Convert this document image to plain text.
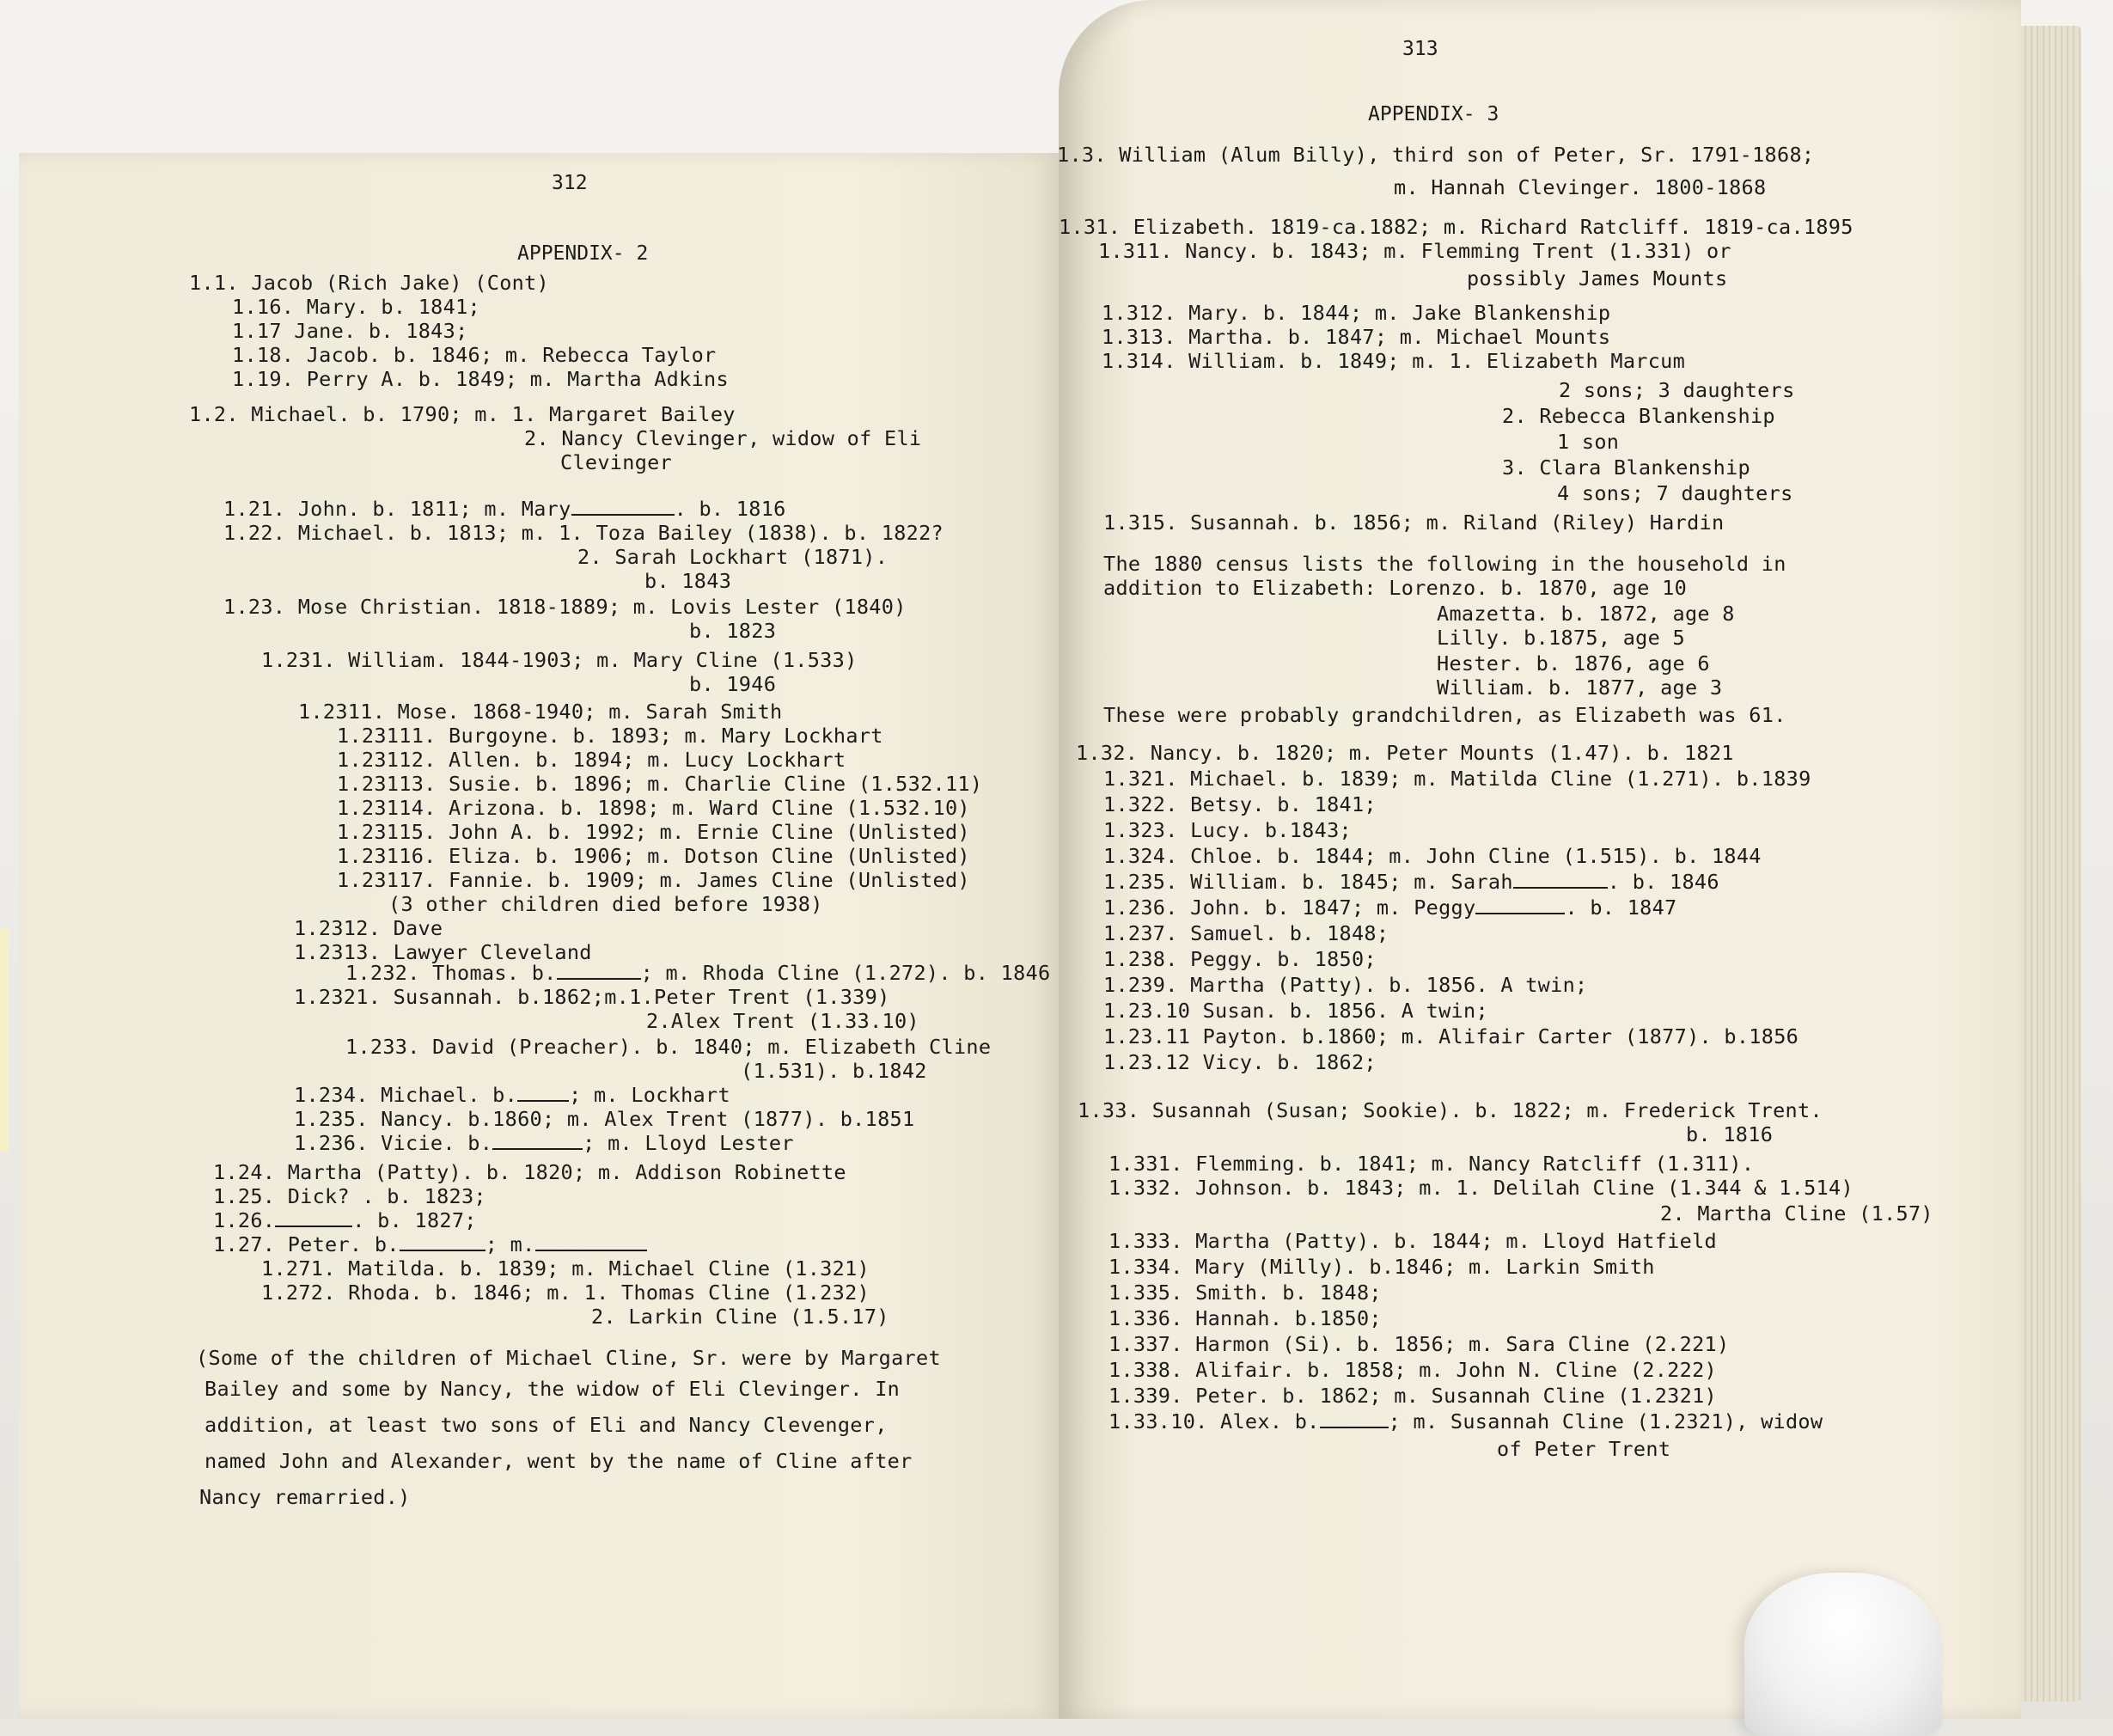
312
APPENDIX- 2
1.1. Jacob (Rich Jake) (Cont)
1.16. Mary. b. 1841;
1.17 Jane. b. 1843;
1.18. Jacob. b. 1846; m. Rebecca Taylor
1.19. Perry A. b. 1849; m. Martha Adkins
1.2. Michael. b. 1790; m. 1. Margaret Bailey
2. Nancy Clevinger, widow of Eli
Clevinger
1.21. John. b. 1811; m. Mary	. b. 1816
1.22. Michael. b. 1813; m. 1. Toza Bailey (1838). b. 1822?
2. Sarah Lockhart (1871).
b. 1843
1.23. Mose Christian. 1818-1889; m. Lovis Lester (1840)
b. 1823
1.231. William. 1844-1903; m. Mary Cline (1.533)
b. 1946
1.2311. Mose. 1868-1940; m. Sarah Smith
1.23111. Burgoyne. b. 1893; m. Mary Lockhart
1.23112. Allen. b. 1894; m. Lucy Lockhart
1.23113. Susie. b. 1896; m. Charlie Cline (1.532.11)
1.23114. Arizona. b. 1898; m. Ward Cline (1.532.10)
1.23115. John A. b. 1992; m. Ernie Cline (Unlisted)
1.23116. Eliza. b. 1906; m. Dotson Cline (Unlisted)
1.23117. Fannie. b. 1909; m. James Cline (Unlisted)
(3 other children died before 1938)
1.2312. Dave
1.2313. Lawyer Cleveland
1.232. Thomas. b.	; m. Rhoda Cline (1.272). b. 1846
1.2321. Susannah. b.1862;m.1.Peter Trent (1.339)
2.Alex Trent (1.33.10)
1.233. David (Preacher). b. 1840; m. Elizabeth Cline
(1.531). b.1842
1.234. Michael. b.	; m. Lockhart
1.235. Nancy. b.1860; m. Alex Trent (1877). b.1851
1.236. Vicie. b.	; m. Lloyd Lester
1.24. Martha (Patty). b. 1820; m. Addison Robinette
1.25. Dick? . b. 1823;
1.26.	. b. 1827;
1.27. Peter. b.	; m.
1.271. Matilda. b. 1839; m. Michael Cline (1.321)
1.272. Rhoda. b. 1846; m. 1. Thomas Cline (1.232)
2. Larkin Cline (1.5.17)
(Some of the children of Michael Cline, Sr. were by Margaret
Bailey and some by Nancy, the widow of Eli Clevinger. In
addition, at least two sons of Eli and Nancy Clevenger,
named John and Alexander, went by the name of Cline after
Nancy remarried.)
313
APPENDIX- 3
1.3. William (Alum Billy), third son of Peter, Sr. 1791-1868;
m. Hannah Clevinger. 1800-1868
1.31. Elizabeth. 1819-ca.1882; m. Richard Ratcliff. 1819-ca.1895
1.311. Nancy. b. 1843; m. Flemming Trent (1.331) or
possibly James Mounts
1.312. Mary. b. 1844; m. Jake Blankenship
1.313. Martha. b. 1847; m. Michael Mounts
1.314. William. b. 1849; m. 1. Elizabeth Marcum
2 sons; 3 daughters
2. Rebecca Blankenship
1 son
3. Clara Blankenship
4 sons; 7 daughters
1.315. Susannah. b. 1856; m. Riland (Riley) Hardin
The 1880 census lists the following in the household in
addition to Elizabeth: Lorenzo. b. 1870, age 10
Amazetta. b. 1872, age 8
Lilly. b.1875, age 5
Hester. b. 1876, age 6
William. b. 1877, age 3
These were probably grandchildren, as Elizabeth was 61.
1.32. Nancy. b. 1820; m. Peter Mounts (1.47). b. 1821
1.321. Michael. b. 1839; m. Matilda Cline (1.271). b.1839
1.322. Betsy. b. 1841;
1.323. Lucy. b.1843;
1.324. Chloe. b. 1844; m. John Cline (1.515). b. 1844
1.235. William. b. 1845; m. Sarah	. b. 1846
1.236. John. b. 1847; m. Peggy	. b. 1847
1.237. Samuel. b. 1848;
1.238. Peggy. b. 1850;
1.239. Martha (Patty). b. 1856. A twin;
1.23.10 Susan. b. 1856. A twin;
1.23.11 Payton. b.1860; m. Alifair Carter (1877). b.1856
1.23.12 Vicy. b. 1862;
1.33. Susannah (Susan; Sookie). b. 1822; m. Frederick Trent.
b. 1816
1.331. Flemming. b. 1841; m. Nancy Ratcliff (1.311).
1.332. Johnson. b. 1843; m. 1. Delilah Cline (1.344 & 1.514)
2. Martha Cline (1.57)
1.333. Martha (Patty). b. 1844; m. Lloyd Hatfield
1.334. Mary (Milly). b.1846; m. Larkin Smith
1.335. Smith. b. 1848;
1.336. Hannah. b.1850;
1.337. Harmon (Si). b. 1856; m. Sara Cline (2.221)
1.338. Alifair. b. 1858; m. John N. Cline (2.222)
1.339. Peter. b. 1862; m. Susannah Cline (1.2321)
1.33.10. Alex. b.	; m. Susannah Cline (1.2321), widow
of Peter Trent
